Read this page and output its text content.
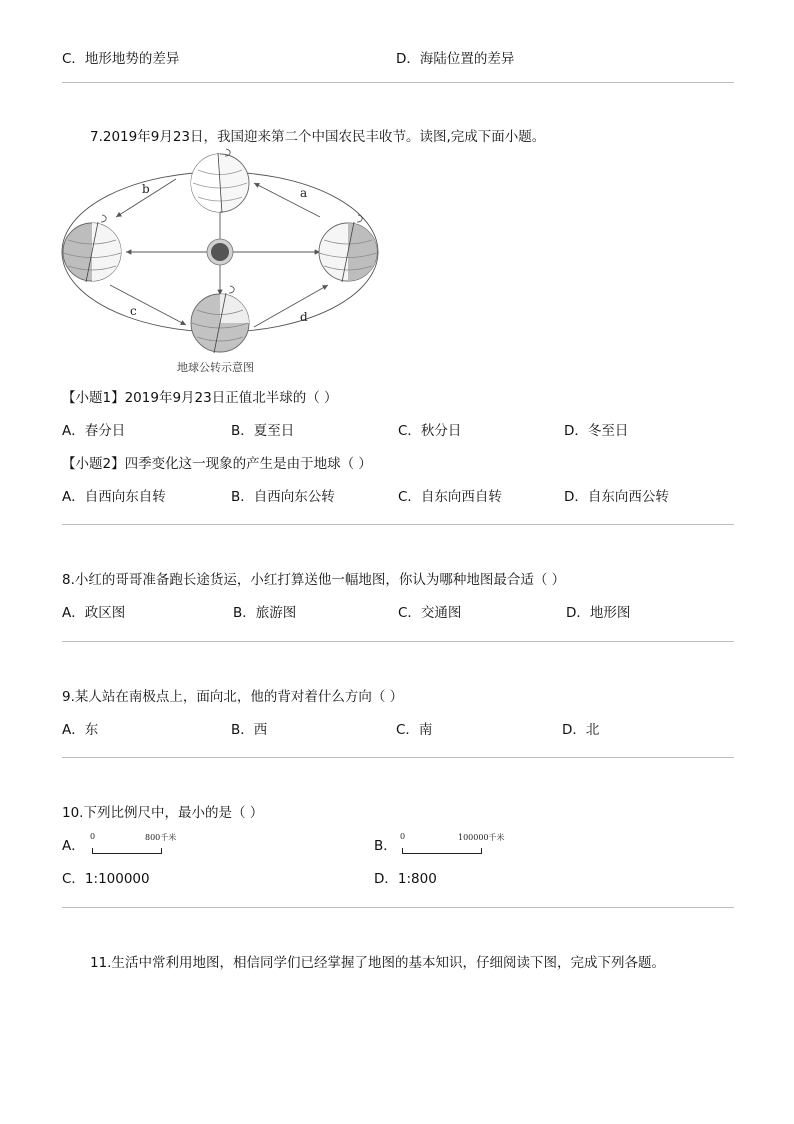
C．地形地势的差异	D．海陆位置的差异
7.2019年9月23日，我国迎来第二个中国农民丰收节。读图,完成下面小题。
b	a
c	d
地球公转示意图
【小题1】2019年9月23日正值北半球的（ ）
A．春分日	B．夏至日	C．秋分日	D．冬至日
【小题2】四季变化这一现象的产生是由于地球（ ）
A．自西向东自转	B．自西向东公转	C．自东向西自转	D．自东向西公转
8.小红的哥哥准备跑长途货运，小红打算送他一幅地图，你认为哪种地图最合适（ ）
A．政区图	B．旅游图	C．交通图	D．地形图
9.某人站在南极点上，面向北，他的背对着什么方向（ ）
A．东	B．西	C．南	D．北
10.下列比例尺中，最小的是（ ）
A．
0	800千米
B．
0	100000千米
C．1:100000	D．1:800
11.生活中常利用地图，相信同学们已经掌握了地图的基本知识，仔细阅读下图，完成下列各题。
